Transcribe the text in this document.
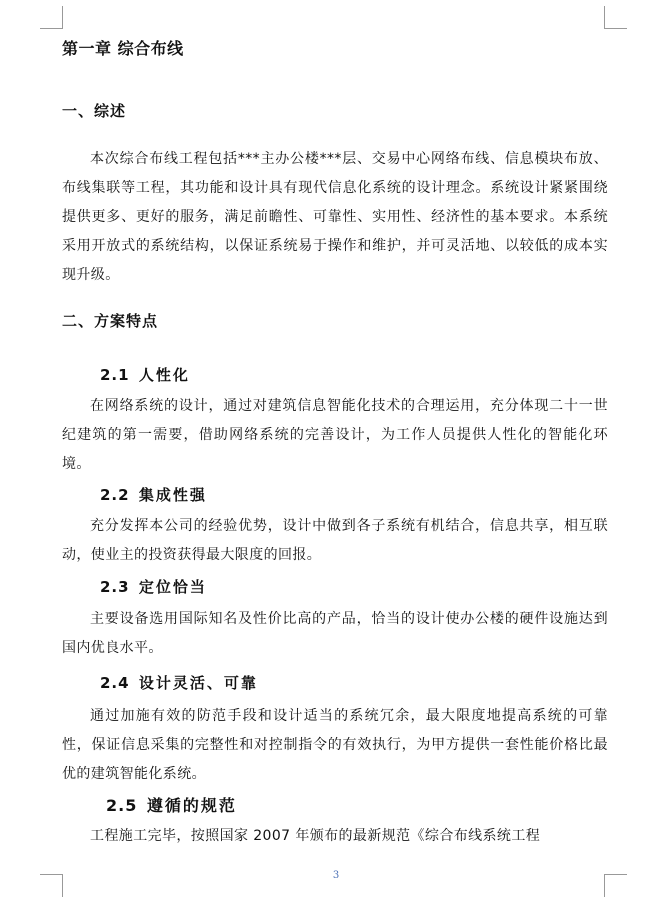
第一章 综合布线
一、综述
本次综合布线工程包括***主办公楼***层、交易中心网络布线、信息模块布放、布线集联等工程，其功能和设计具有现代信息化系统的设计理念。系统设计紧紧围绕提供更多、更好的服务，满足前瞻性、可靠性、实用性、经济性的基本要求。本系统采用开放式的系统结构，以保证系统易于操作和维护，并可灵活地、以较低的成本实现升级。
二、方案特点
2.1 人性化
在网络系统的设计，通过对建筑信息智能化技术的合理运用，充分体现二十一世纪建筑的第一需要，借助网络系统的完善设计，为工作人员提供人性化的智能化环境。
2.2 集成性强
充分发挥本公司的经验优势，设计中做到各子系统有机结合，信息共享，相互联动，使业主的投资获得最大限度的回报。
2.3 定位恰当
主要设备选用国际知名及性价比高的产品，恰当的设计使办公楼的硬件设施达到国内优良水平。
2.4 设计灵活、可靠
通过加施有效的防范手段和设计适当的系统冗余，最大限度地提高系统的可靠性，保证信息采集的完整性和对控制指令的有效执行，为甲方提供一套性能价格比最优的建筑智能化系统。
2.5 遵循的规范
工程施工完毕，按照国家 2007 年颁布的最新规范《综合布线系统工程
3
